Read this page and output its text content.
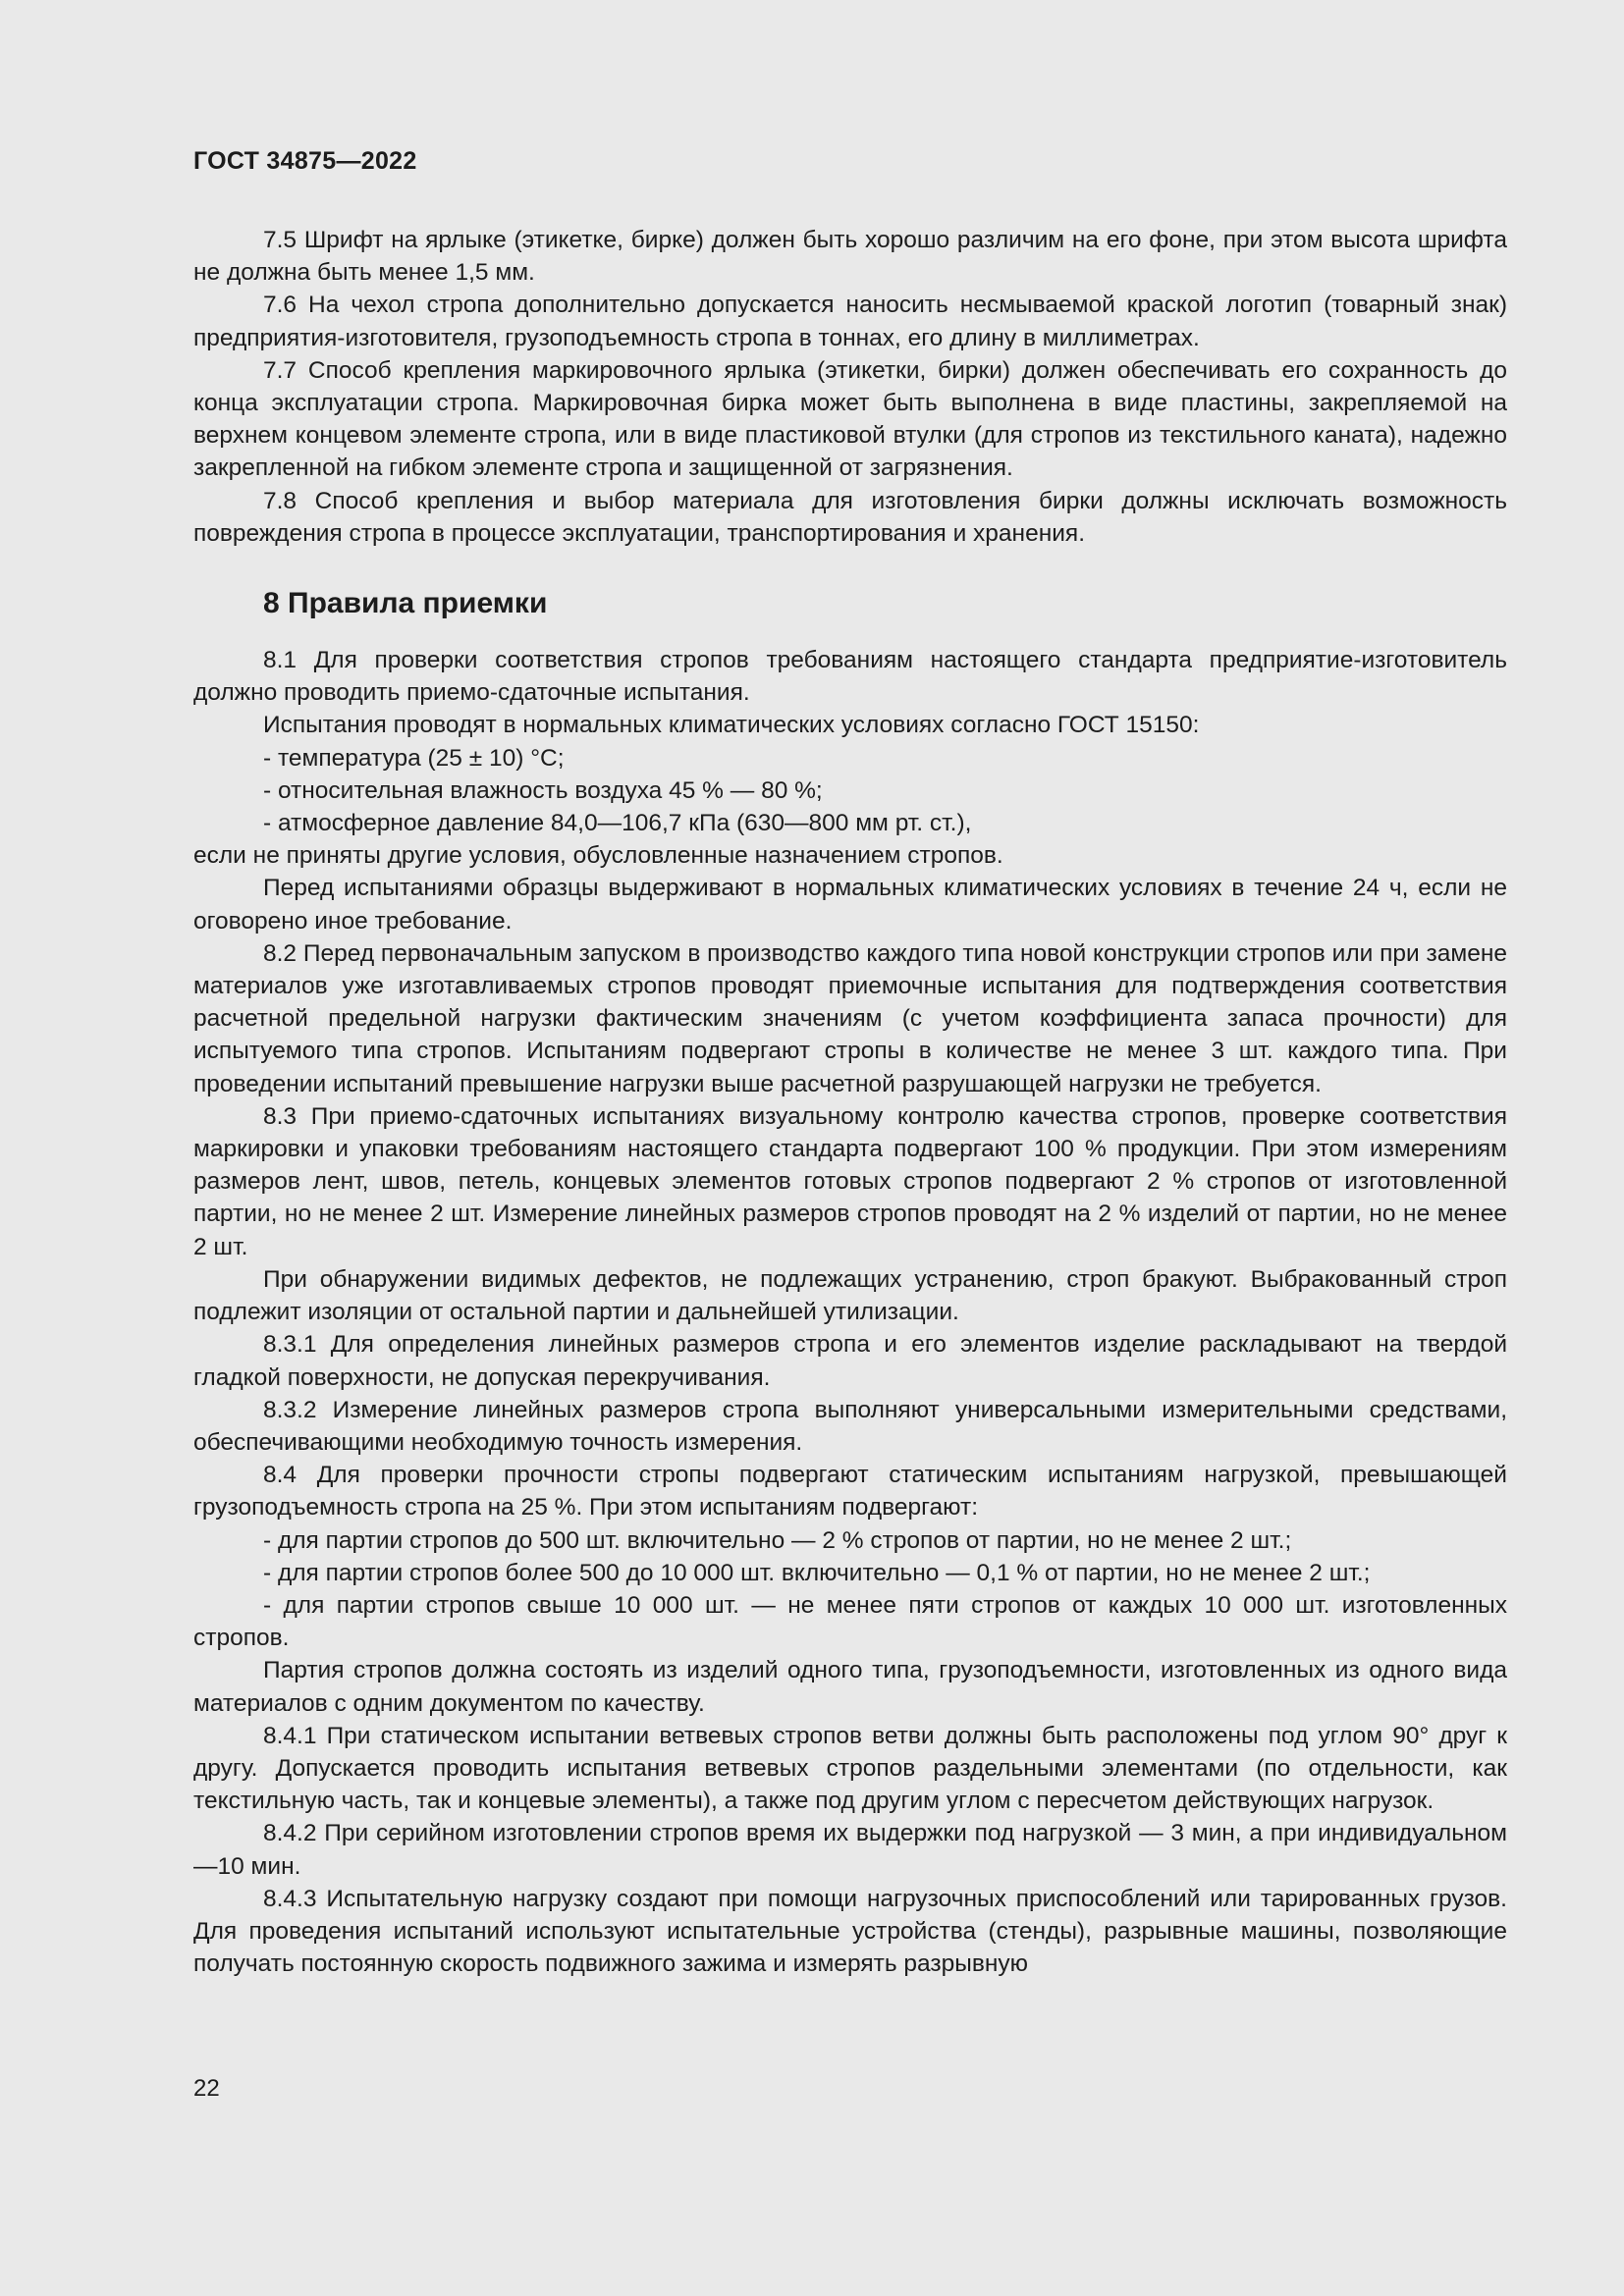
ГОСТ 34875—2022

7.5 Шрифт на ярлыке (этикетке, бирке) должен быть хорошо различим на его фоне, при этом высота шрифта не должна быть менее 1,5 мм.

7.6 На чехол стропа дополнительно допускается наносить несмываемой краской логотип (товарный знак) предприятия-изготовителя, грузоподъемность стропа в тоннах, его длину в миллиметрах.

7.7 Способ крепления маркировочного ярлыка (этикетки, бирки) должен обеспечивать его сохранность до конца эксплуатации стропа. Маркировочная бирка может быть выполнена в виде пластины, закрепляемой на верхнем концевом элементе стропа, или в виде пластиковой втулки (для стропов из текстильного каната), надежно закрепленной на гибком элементе стропа и защищенной от загрязнения.

7.8 Способ крепления и выбор материала для изготовления бирки должны исключать возможность повреждения стропа в процессе эксплуатации, транспортирования и хранения.

8 Правила приемки

8.1 Для проверки соответствия стропов требованиям настоящего стандарта предприятие-изготовитель должно проводить приемо-сдаточные испытания.

Испытания проводят в нормальных климатических условиях согласно ГОСТ 15150:

- температура (25 ± 10) °С;

- относительная влажность воздуха 45 % — 80 %;

- атмосферное давление 84,0—106,7 кПа (630—800 мм рт. ст.),

если не приняты другие условия, обусловленные назначением стропов.

Перед испытаниями образцы выдерживают в нормальных климатических условиях в течение 24 ч, если не оговорено иное требование.

8.2 Перед первоначальным запуском в производство каждого типа новой конструкции стропов или при замене материалов уже изготавливаемых стропов проводят приемочные испытания для подтверждения соответствия расчетной предельной нагрузки фактическим значениям (с учетом коэффициента запаса прочности) для испытуемого типа стропов. Испытаниям подвергают стропы в количестве не менее 3 шт. каждого типа. При проведении испытаний превышение нагрузки выше расчетной разрушающей нагрузки не требуется.

8.3 При приемо-сдаточных испытаниях визуальному контролю качества стропов, проверке соответствия маркировки и упаковки требованиям настоящего стандарта подвергают 100 % продукции. При этом измерениям размеров лент, швов, петель, концевых элементов готовых стропов подвергают 2 % стропов от изготовленной партии, но не менее 2 шт. Измерение линейных размеров стропов проводят на 2 % изделий от партии, но не менее 2 шт.

При обнаружении видимых дефектов, не подлежащих устранению, строп бракуют. Выбракованный строп подлежит изоляции от остальной партии и дальнейшей утилизации.

8.3.1 Для определения линейных размеров стропа и его элементов изделие раскладывают на твердой гладкой поверхности, не допуская перекручивания.

8.3.2 Измерение линейных размеров стропа выполняют универсальными измерительными средствами, обеспечивающими необходимую точность измерения.

8.4 Для проверки прочности стропы подвергают статическим испытаниям нагрузкой, превышающей грузоподъемность стропа на 25 %. При этом испытаниям подвергают:

- для партии стропов до 500 шт. включительно — 2 % стропов от партии, но не менее 2 шт.;

- для партии стропов более 500 до 10 000 шт. включительно — 0,1 % от партии, но не менее 2 шт.;

- для партии стропов свыше 10 000 шт. — не менее пяти стропов от каждых 10 000 шт. изготовленных стропов.

Партия стропов должна состоять из изделий одного типа, грузоподъемности, изготовленных из одного вида материалов с одним документом по качеству.

8.4.1 При статическом испытании ветвевых стропов ветви должны быть расположены под углом 90° друг к другу. Допускается проводить испытания ветвевых стропов раздельными элементами (по отдельности, как текстильную часть, так и концевые элементы), а также под другим углом с пересчетом действующих нагрузок.

8.4.2 При серийном изготовлении стропов время их выдержки под нагрузкой — 3 мин, а при индивидуальном —10 мин.

8.4.3 Испытательную нагрузку создают при помощи нагрузочных приспособлений или тарированных грузов. Для проведения испытаний используют испытательные устройства (стенды), разрывные машины, позволяющие получать постоянную скорость подвижного зажима и измерять разрывную

22
